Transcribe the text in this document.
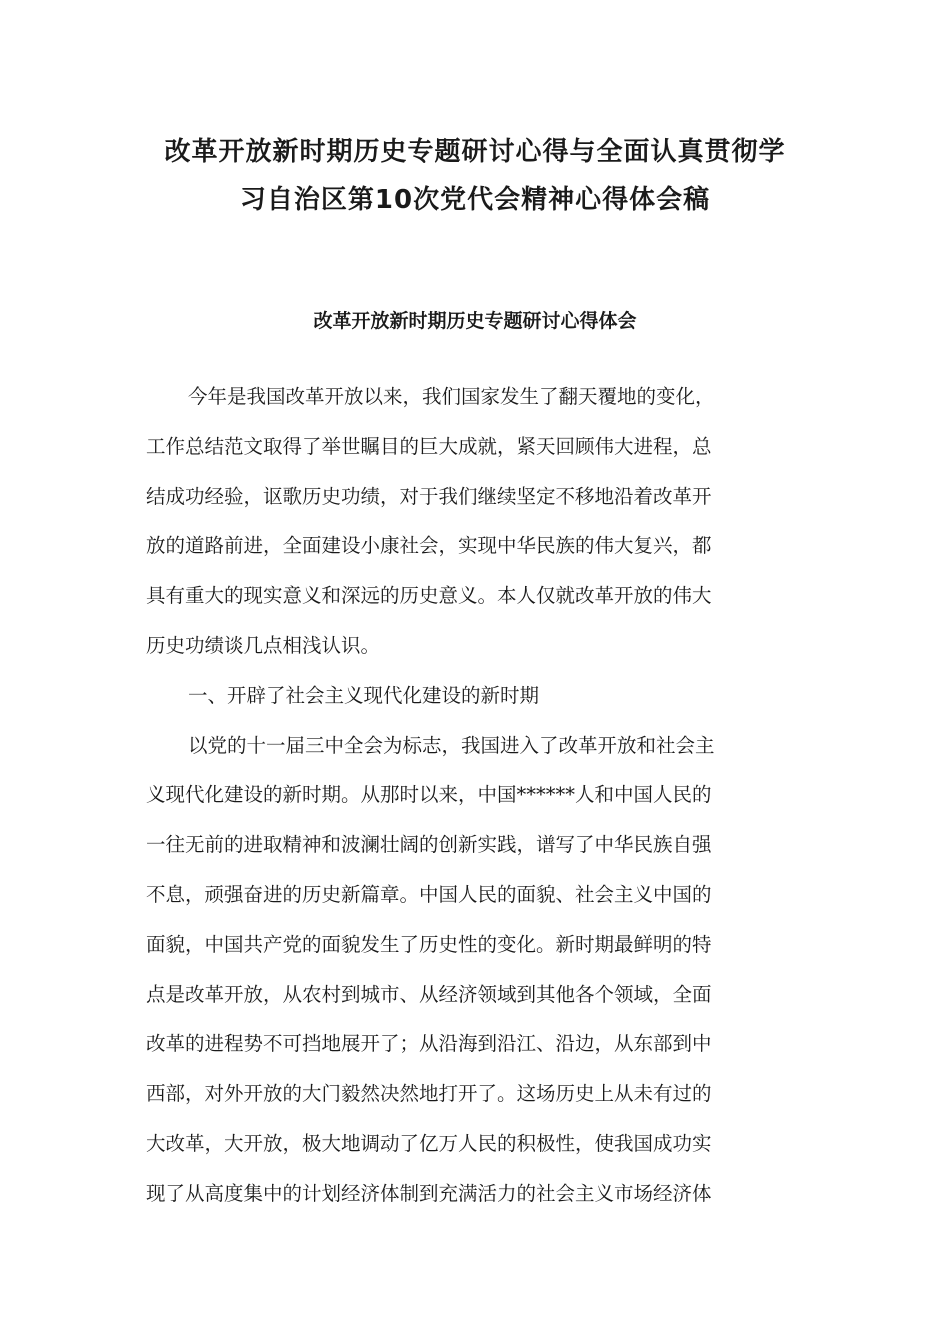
改革开放新时期历史专题研讨心得与全面认真贯彻学
习自治区第10次党代会精神心得体会稿
改革开放新时期历史专题研讨心得体会
今年是我国改革开放以来，我们国家发生了翻天覆地的变化，
工作总结范文取得了举世瞩目的巨大成就，紧天回顾伟大进程，总
结成功经验，讴歌历史功绩，对于我们继续坚定不移地沿着改革开
放的道路前进，全面建设小康社会，实现中华民族的伟大复兴，都
具有重大的现实意义和深远的历史意义。本人仅就改革开放的伟大
历史功绩谈几点相浅认识。
一、开辟了社会主义现代化建设的新时期
以党的十一届三中全会为标志，我国进入了改革开放和社会主
义现代化建设的新时期。从那时以来，中国******人和中国人民的
一往无前的进取精神和波澜壮阔的创新实践，谱写了中华民族自强
不息，顽强奋进的历史新篇章。中国人民的面貌、社会主义中国的
面貌，中国共产党的面貌发生了历史性的变化。新时期最鲜明的特
点是改革开放，从农村到城市、从经济领域到其他各个领域，全面
改革的进程势不可挡地展开了；从沿海到沿江、沿边，从东部到中
西部，对外开放的大门毅然决然地打开了。这场历史上从未有过的
大改革，大开放，极大地调动了亿万人民的积极性，使我国成功实
现了从高度集中的计划经济体制到充满活力的社会主义市场经济体
